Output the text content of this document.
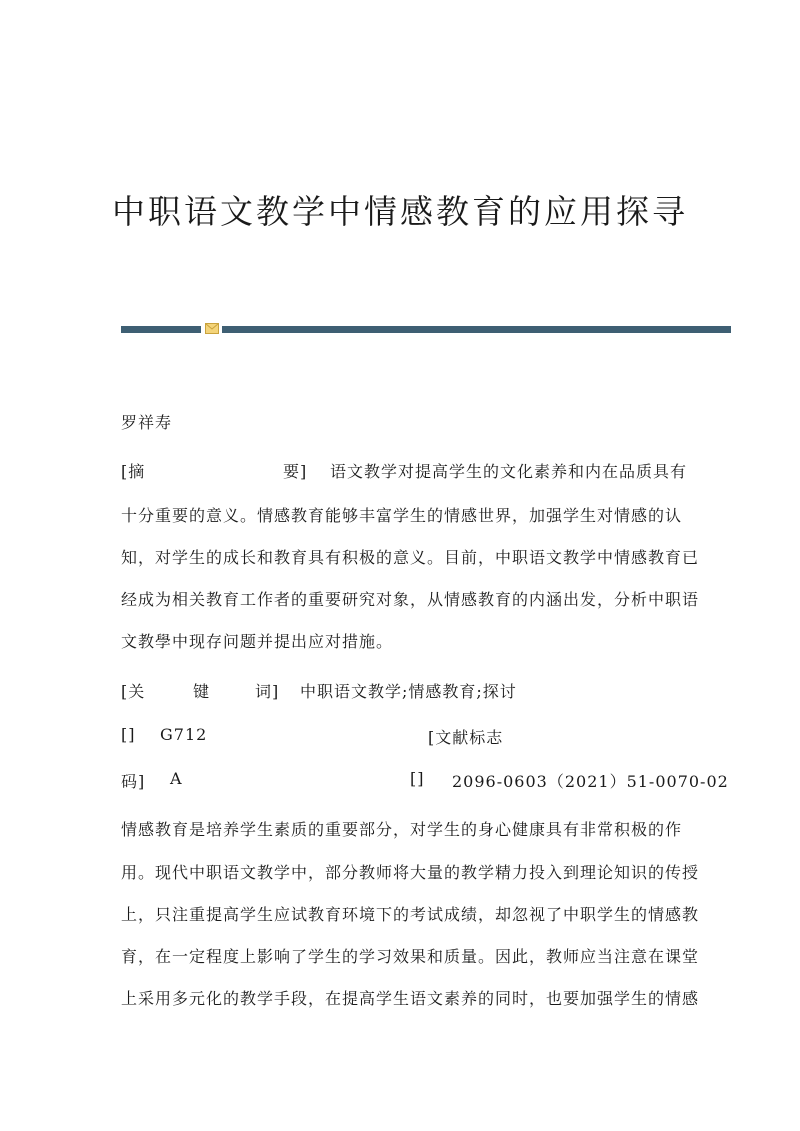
中职语文教学中情感教育的应用探寻
罗祥寿
[摘	要] 语文教学对提高学生的文化素养和内在品质具有
十分重要的意义。情感教育能够丰富学生的情感世界，加强学生对情感的认
知，对学生的成长和教育具有积极的意义。目前，中职语文教学中情感教育已
经成为相关教育工作者的重要研究对象，从情感教育的内涵出发，分析中职语
文教學中现存问题并提出应对措施。
[关	键	词] 中职语文教学;情感教育;探讨
[] G712	[文献标志
码] A	[] 2096-0603（2021）51-0070-02
情感教育是培养学生素质的重要部分，对学生的身心健康具有非常积极的作
用。现代中职语文教学中，部分教师将大量的教学精力投入到理论知识的传授
上，只注重提高学生应试教育环境下的考试成绩，却忽视了中职学生的情感教
育，在一定程度上影响了学生的学习效果和质量。因此，教师应当注意在课堂
上采用多元化的教学手段，在提高学生语文素养的同时，也要加强学生的情感
